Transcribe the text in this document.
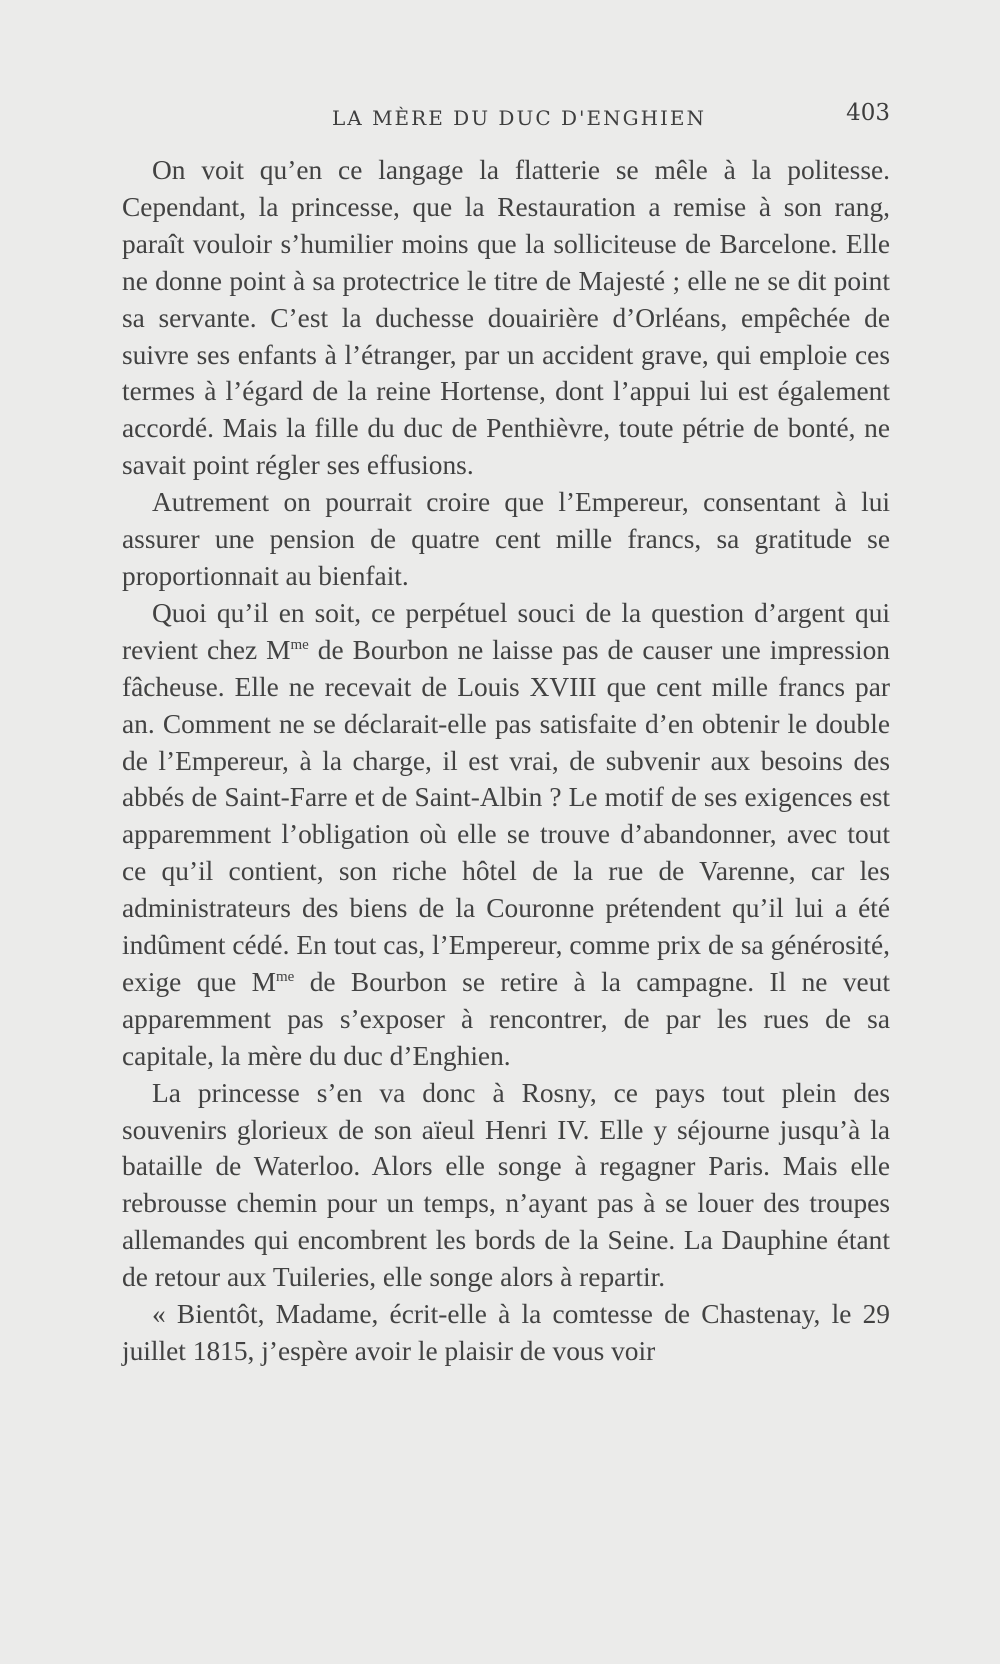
LA MÈRE DU DUC D'ENGHIEN	403

On voit qu’en ce langage la flatterie se mêle à la politesse. Cependant, la princesse, que la Restauration a remise à son rang, paraît vouloir s’humilier moins que la solliciteuse de Barcelone. Elle ne donne point à sa protectrice le titre de Majesté ; elle ne se dit point sa servante. C’est la duchesse douairière d’Orléans, empêchée de suivre ses enfants à l’étranger, par un accident grave, qui emploie ces termes à l’égard de la reine Hortense, dont l’appui lui est également accordé. Mais la fille du duc de Penthièvre, toute pétrie de bonté, ne savait point régler ses effusions.

Autrement on pourrait croire que l’Empereur, consentant à lui assurer une pension de quatre cent mille francs, sa gratitude se proportionnait au bienfait.

Quoi qu’il en soit, ce perpétuel souci de la question d’argent qui revient chez $M^{me}$ de Bourbon ne laisse pas de causer une impression fâcheuse. Elle ne recevait de Louis XVIII que cent mille francs par an. Comment ne se déclarait-elle pas satisfaite d’en obtenir le double de l’Empereur, à la charge, il est vrai, de subvenir aux besoins des abbés de Saint-Farre et de Saint-Albin ? Le motif de ses exigences est apparemment l’obligation où elle se trouve d’abandonner, avec tout ce qu’il contient, son riche hôtel de la rue de Varenne, car les administrateurs des biens de la Couronne prétendent qu’il lui a été indûment cédé. En tout cas, l’Empereur, comme prix de sa générosité, exige que $M^{me}$ de Bourbon se retire à la campagne. Il ne veut apparemment pas s’exposer à rencontrer, de par les rues de sa capitale, la mère du duc d’Enghien.

La princesse s’en va donc à Rosny, ce pays tout plein des souvenirs glorieux de son aïeul Henri IV. Elle y séjourne jusqu’à la bataille de Waterloo. Alors elle songe à regagner Paris. Mais elle rebrousse chemin pour un temps, n’ayant pas à se louer des troupes allemandes qui encombrent les bords de la Seine. La Dauphine étant de retour aux Tuileries, elle songe alors à repartir.

« Bientôt, Madame, écrit-elle à la comtesse de Chastenay, le 29 juillet 1815, j’espère avoir le plaisir de vous voir
